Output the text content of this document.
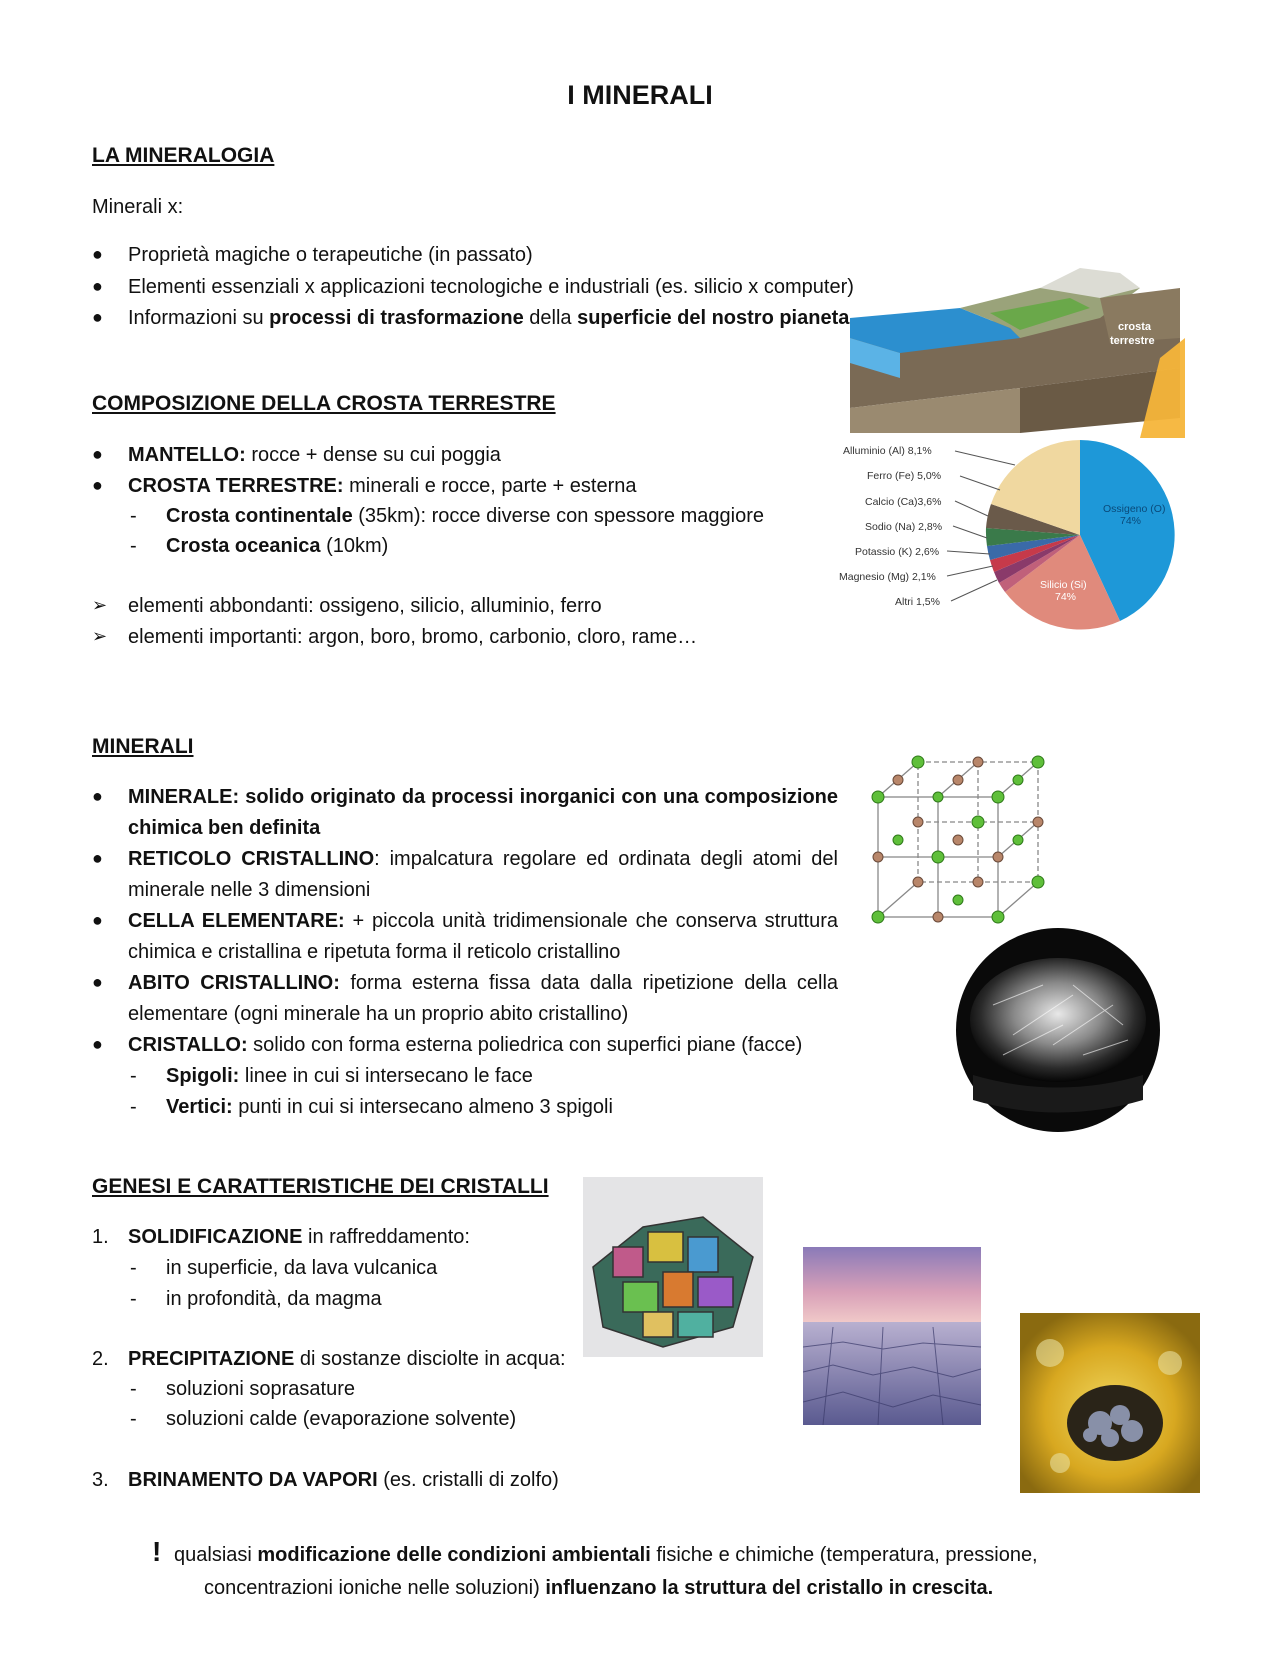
I MINERALI
LA MINERALOGIA
Minerali x:
● Proprietà magiche o terapeutiche (in passato)
● Elementi essenziali x applicazioni tecnologiche e industriali (es. silicio x computer)
● Informazioni su processi di trasformazione della superficie del nostro pianeta
COMPOSIZIONE DELLA CROSTA TERRESTRE
● MANTELLO: rocce + dense su cui poggia
● CROSTA TERRESTRE: minerali e rocce, parte + esterna
- Crosta continentale (35km): rocce diverse con spessore maggiore
- Crosta oceanica (10km)
➢ elementi abbondanti: ossigeno, silicio, alluminio, ferro
➢ elementi importanti: argon, boro, bromo, carbonio, cloro, rame…
crosta
terrestre
Ossigeno (O)
74%
Silicio (Si)
74%
Alluminio (Al) 8,1%
Ferro (Fe) 5,0%
Calcio (Ca)3,6%
Sodio (Na) 2,8%
Potassio (K) 2,6%
Magnesio (Mg) 2,1%
Altri 1,5%
MINERALI
● MINERALE: solido originato da processi inorganici con una composizione chimica ben definita
● RETICOLO CRISTALLINO: impalcatura regolare ed ordinata degli atomi del minerale nelle 3 dimensioni
● CELLA ELEMENTARE: + piccola unità tridimensionale che conserva struttura chimica e cristallina e ripetuta forma il reticolo cristallino
● ABITO CRISTALLINO: forma esterna fissa data dalla ripetizione della cella elementare (ogni minerale ha un proprio abito cristallino)
● CRISTALLO: solido con forma esterna poliedrica con superfici piane (facce)
- Spigoli: linee in cui si intersecano le face
- Vertici: punti in cui si intersecano almeno 3 spigoli
GENESI E CARATTERISTICHE DEI CRISTALLI
1. SOLIDIFICAZIONE in raffreddamento:
- in superficie, da lava vulcanica
- in profondità, da magma
2. PRECIPITAZIONE di sostanze disciolte in acqua:
- soluzioni soprasature
- soluzioni calde (evaporazione solvente)
3. BRINAMENTO DA VAPORI (es. cristalli di zolfo)
! qualsiasi modificazione delle condizioni ambientali fisiche e chimiche (temperatura, pressione,
concentrazioni ioniche nelle soluzioni) influenzano la struttura del cristallo in crescita.
